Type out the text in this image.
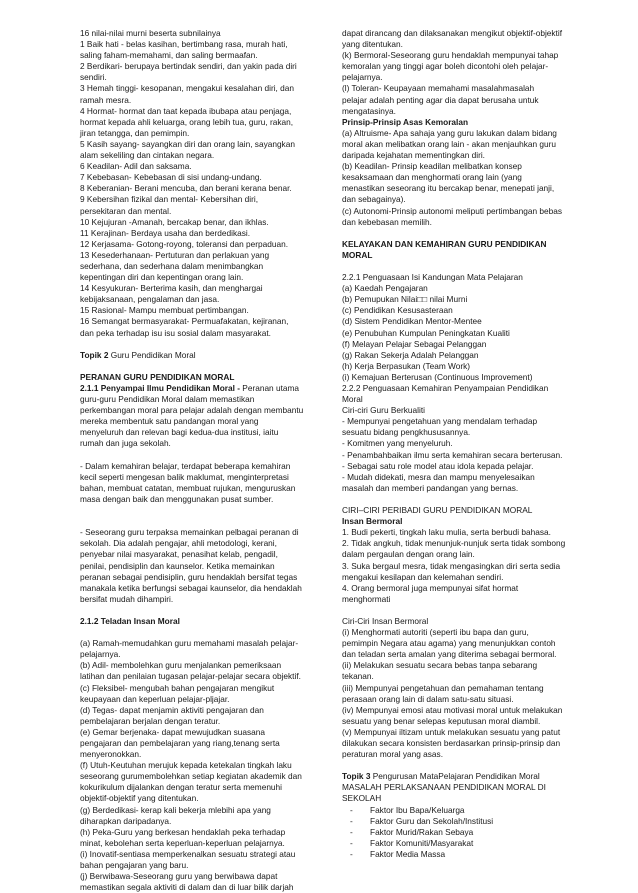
16 nilai-nilai murni beserta subnilainya
1 Baik hati - belas kasihan, bertimbang rasa, murah hati,
saling faham-memahami, dan saling bermaafan.
2 Berdikari- berupaya bertindak sendiri, dan yakin pada diri
sendiri.
3 Hemah tinggi- kesopanan, mengakui kesalahan diri, dan
ramah mesra.
4 Hormat- hormat dan taat kepada ibubapa atau penjaga,
hormat kepada ahli keluarga, orang lebih tua, guru, rakan,
jiran tetangga, dan pemimpin.
5 Kasih sayang- sayangkan diri dan orang lain, sayangkan
alam sekeliling dan cintakan negara.
6 Keadilan- Adil dan saksama.
7 Kebebasan- Kebebasan di sisi undang-undang.
8 Keberanian- Berani mencuba, dan berani kerana benar.
9 Kebersihan fizikal dan mental- Kebersihan diri,
persekitaran dan mental.
10 Kejujuran -Amanah, bercakap benar, dan ikhlas.
11 Kerajinan- Berdaya usaha dan berdedikasi.
12 Kerjasama- Gotong-royong, toleransi dan perpaduan.
13 Kesederhanaan- Pertuturan dan perlakuan yang
sederhana, dan sederhana dalam menimbangkan
kepentingan diri dan kepentingan orang lain.
14 Kesyukuran- Berterima kasih, dan menghargai
kebijaksanaan, pengalaman dan jasa.
15 Rasional- Mampu membuat pertimbangan.
16 Semangat bermasyarakat- Permuafakatan, kejiranan,
dan peka terhadap isu isu sosial dalam masyarakat.
Topik 2 Guru Pendidikan Moral
PERANAN GURU PENDIDIKAN MORAL
2.1.1 Penyampai Ilmu Pendidikan Moral - Peranan utama
guru-guru Pendidikan Moral dalam memastikan
perkembangan moral para pelajar adalah dengan membantu
mereka membentuk satu pandangan moral yang
menyeluruh dan relevan bagi kedua-dua institusi, iaitu
rumah dan juga sekolah.
- Dalam kemahiran belajar, terdapat beberapa kemahiran
kecil seperti mengesan balik maklumat, menginterpretasi
bahan, membuat catatan, membuat rujukan, menguruskan
masa dengan baik dan menggunakan pusat sumber.
- Seseorang guru terpaksa memainkan pelbagai peranan di
sekolah. Dia adalah pengajar, ahli metodologi, kerani,
penyebar nilai masyarakat, penasihat kelab, pengadil,
penilai, pendisiplin dan kaunselor. Ketika memainkan
peranan sebagai pendisiplin, guru hendaklah bersifat tegas
manakala ketika berfungsi sebagai kaunselor, dia hendaklah
bersifat mudah dihampiri.
2.1.2 Teladan Insan Moral
(a) Ramah-memudahkan guru memahami masalah pelajar-
pelajarnya.
(b) Adil- membolehkan guru menjalankan pemeriksaan
latihan dan penilaian tugasan pelajar-pelajar secara objektif.
(c) Fleksibel- mengubah bahan pengajaran mengikut
keupayaan dan keperluan pelajar-pljajar.
(d) Tegas- dapat menjamin aktiviti pengajaran dan
pembelajaran berjalan dengan teratur.
(e) Gemar berjenaka- dapat mewujudkan suasana
pengajaran dan pembelajaran yang riang,tenang serta
menyeronokkan.
(f) Utuh-Keutuhan merujuk kepada ketekalan tingkah laku
seseorang gurumembolehkan setiap kegiatan akademik dan
kokurikulum dijalankan dengan teratur serta memenuhi
objektif-objektif yang ditentukan.
(g) Berdedikasi- kerap kali bekerja mlebihi apa yang
diharapkan daripadanya.
(h) Peka-Guru yang berkesan hendaklah peka terhadap
minat, kebolehan serta keperluan-keperluan pelajarnya.
(i) Inovatif-sentiasa memperkenalkan sesuatu strategi atau
bahan pengajaran yang baru.
(j) Berwibawa-Seseorang guru yang berwibawa dapat
memastikan segala aktiviti di dalam dan di luar bilik darjah
dapat dirancang dan dilaksanakan mengikut objektif-objektif
yang ditentukan.
(k) Bermoral-Seseorang guru hendaklah mempunyai tahap
kemoralan yang tinggi agar boleh dicontohi oleh pelajar-
pelajarnya.
(l) Toleran- Keupayaan memahami masalahmasalah
pelajar adalah penting agar dia dapat berusaha untuk
mengatasinya.
Prinsip-Prinsip Asas Kemoralan
(a) Altruisme- Apa sahaja yang guru lakukan dalam bidang
moral akan melibatkan orang lain - akan menjauhkan guru
daripada kejahatan mementingkan diri.
(b) Keadilan- Prinsip keadilan melibatkan konsep
kesaksamaan dan menghormati orang lain (yang
menastikan seseorang itu bercakap benar, menepati janji,
dan sebagainya).
(c) Autonomi-Prinsip autonomi meliputi pertimbangan bebas
dan kebebasan memilih.
KELAYAKAN DAN KEMAHIRAN GURU PENDIDIKAN
MORAL
2.2.1 Penguasaan Isi Kandungan Mata Pelajaran
(a) Kaedah Pengajaran
(b) Pemupukan Nilai□□ nilai Murni
(c) Pendidikan Kesusasteraan
(d) Sistem Pendidikan Mentor-Mentee
(e) Penubuhan Kumpulan Peningkatan Kualiti
(f) Melayan Pelajar Sebagai Pelanggan
(g) Rakan Sekerja Adalah Pelanggan
(h) Kerja Berpasukan (Team Work)
(i) Kemajuan Berterusan (Continuous Improvement)
2.2.2 Penguasaan Kemahiran Penyampaian Pendidikan
Moral
Ciri-ciri Guru Berkualiti
- Mempunyai pengetahuan yang mendalam terhadap
sesuatu bidang pengkhususannya.
- Komitmen yang menyeluruh.
- Penambahbaikan ilmu serta kemahiran secara berterusan.
- Sebagai satu role model atau idola kepada pelajar.
- Mudah didekati, mesra dan mampu menyelesaikan
masalah dan memberi pandangan yang bernas.
CIRI–CIRI PERIBADI GURU PENDIDIKAN MORAL
Insan Bermoral
1. Budi pekerti, tingkah laku mulia, serta berbudi bahasa.
2. Tidak angkuh, tidak menunjuk-nunjuk serta tidak sombong
dalam pergaulan dengan orang lain.
3. Suka bergaul mesra, tidak mengasingkan diri serta sedia
mengakui kesilapan dan kelemahan sendiri.
4. Orang bermoral juga mempunyai sifat hormat
menghormati
Ciri-Ciri Insan Bermoral
(i) Menghormati autoriti (seperti ibu bapa dan guru,
pemimpin Negara atau agama) yang menunjukkan contoh
dan teladan serta amalan yang diterima sebagai bermoral.
(ii) Melakukan sesuatu secara bebas tanpa sebarang
tekanan.
(iii) Mempunyai pengetahuan dan pemahaman tentang
perasaan orang lain di dalam satu-satu situasi.
(iv) Mempunyai emosi atau motivasi moral untuk melakukan
sesuatu yang benar selepas keputusan moral diambil.
(v) Mempunyai iltizam untuk melakukan sesuatu yang patut
dilakukan secara konsisten berdasarkan prinsip-prinsip dan
peraturan moral yang asas.
Topik 3 Pengurusan MataPelajaran Pendidikan Moral
MASALAH PERLAKSANAAN PENDIDIKAN MORAL DI
SEKOLAH
-	Faktor Ibu Bapa/Keluarga
-	Faktor Guru dan Sekolah/Institusi
-	Faktor Murid/Rakan Sebaya
-	Faktor Komuniti/Masyarakat
-	Faktor Media Massa
